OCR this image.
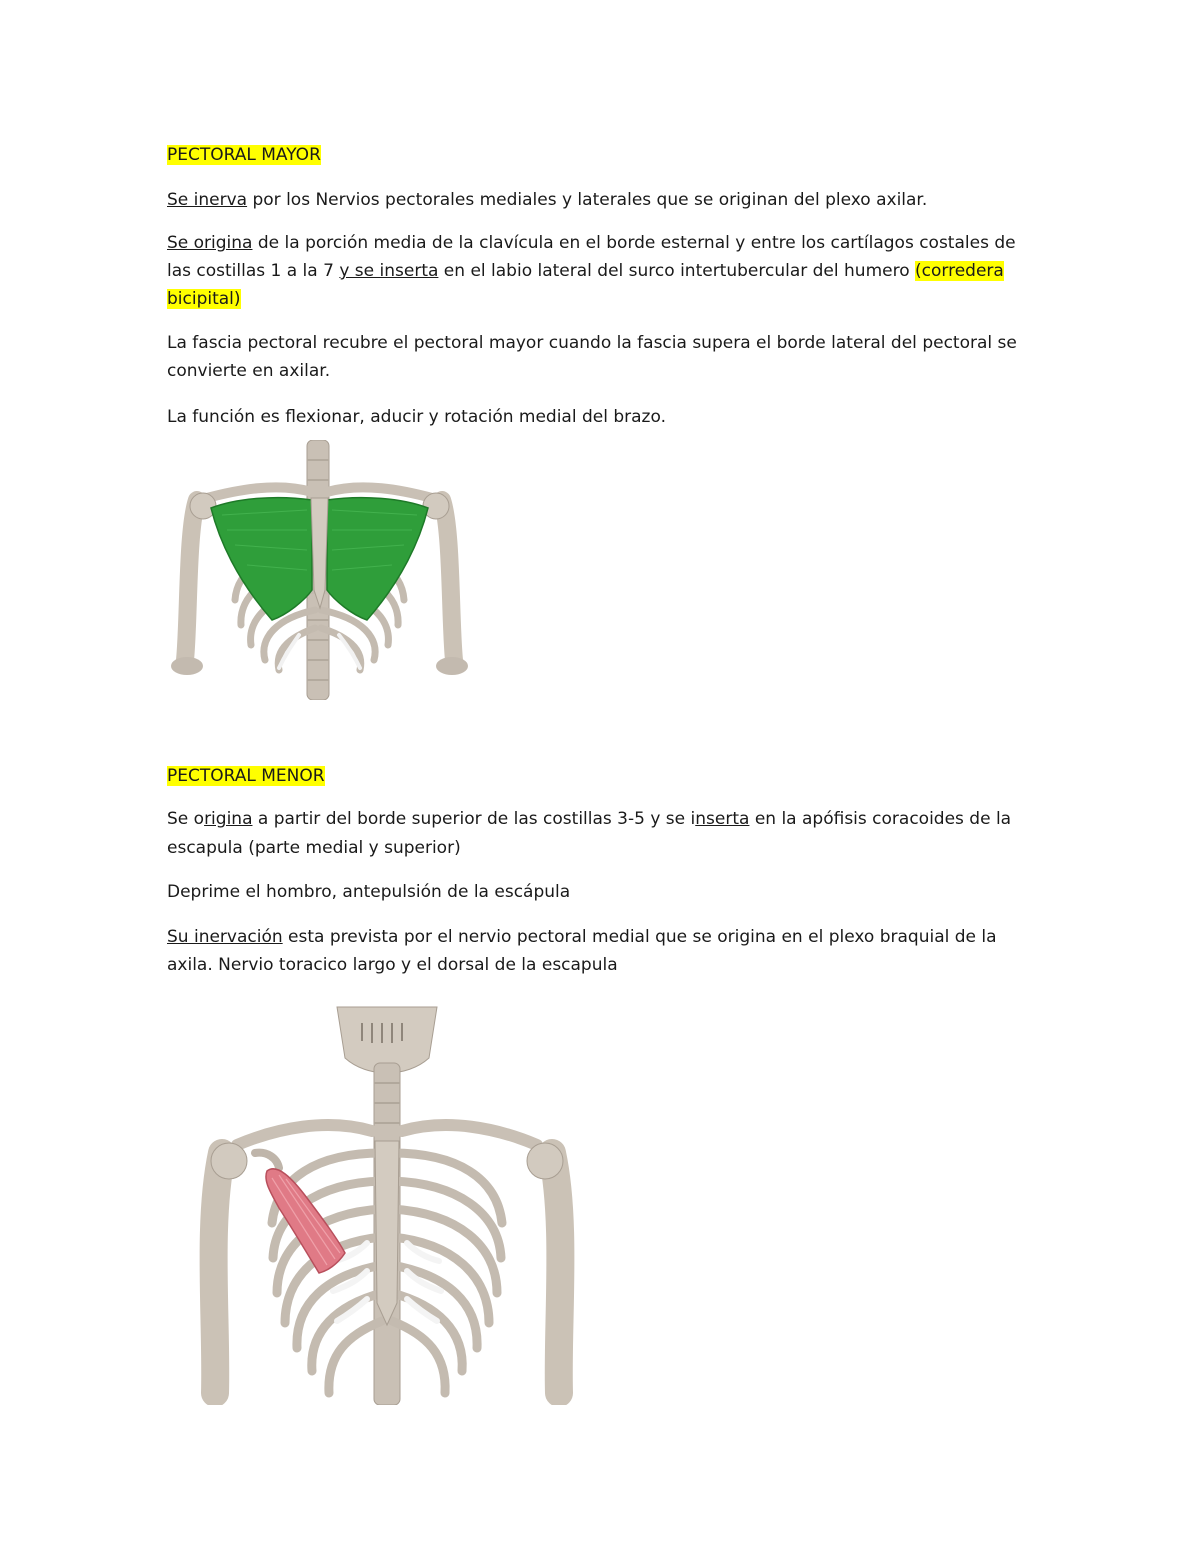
PECTORAL MAYOR
Se inerva por los Nervios pectorales mediales y laterales que se originan del plexo axilar.
Se origina de la porción media de la clavícula en el borde esternal y entre los cartílagos costales de
las costillas 1 a la 7 y se inserta en el labio lateral del surco intertubercular del humero (corredera
bicipital)
La fascia pectoral recubre el pectoral mayor cuando la fascia supera el borde lateral del pectoral se
convierte en axilar.
La función es flexionar, aducir y rotación medial del brazo.
PECTORAL MENOR
Se origina a partir del borde superior de las costillas 3-5 y se inserta en la apófisis coracoides de la
escapula (parte medial y superior)
Deprime el hombro, antepulsión de la escápula
Su inervación esta prevista por el nervio pectoral medial que se origina en el plexo braquial de la
axila. Nervio toracico largo y el dorsal de la escapula
